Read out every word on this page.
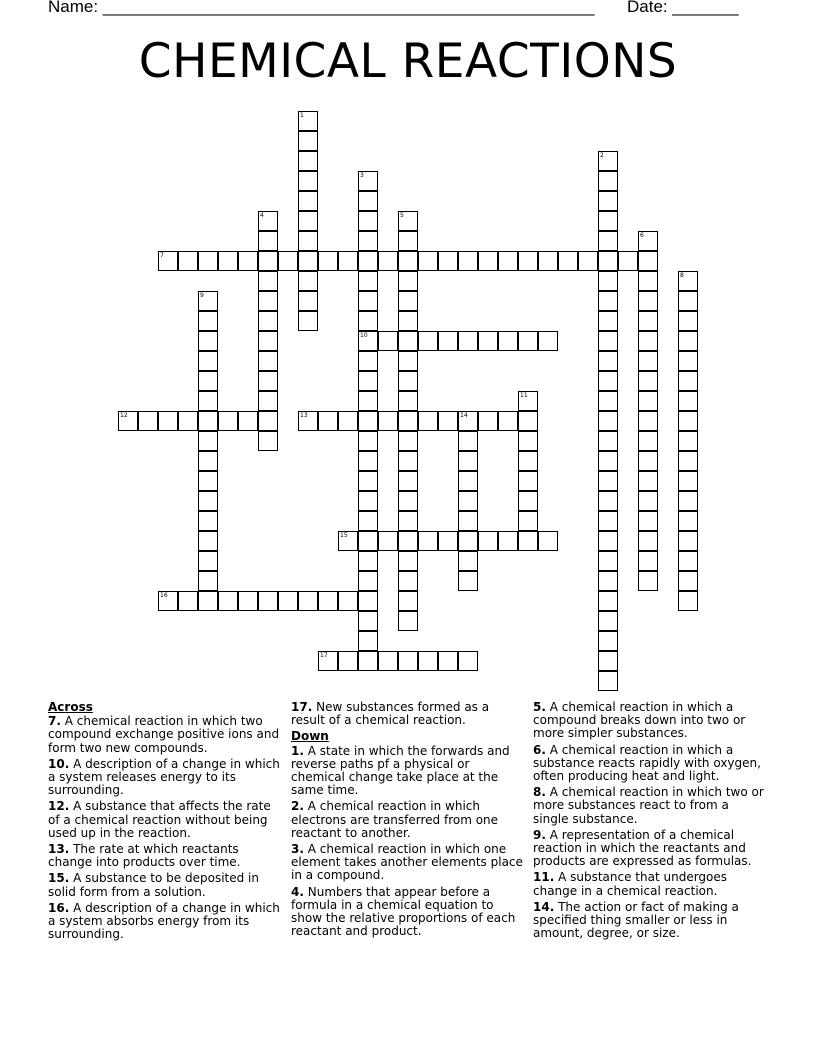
Name: ____________________________________________________ Date: _______
CHEMICAL REACTIONS
1
2
3
10
4	5
6
7
8
9
11
12	13	14
15
16
17
Across
7. A chemical reaction in which two compound exchange positive ions and form two new compounds.
10. A description of a change in which a system releases energy to its surrounding.
12. A substance that affects the rate of a chemical reaction without being used up in the reaction.
13. The rate at which reactants change into products over time.
15. A substance to be deposited in solid form from a solution.
16. A description of a change in which a system absorbs energy from its surrounding.
17. New substances formed as a result of a chemical reaction.
Down
1. A state in which the forwards and reverse paths pf a physical or chemical change take place at the same time.
2. A chemical reaction in which electrons are transferred from one reactant to another.
3. A chemical reaction in which one element takes another elements place in a compound.
4. Numbers that appear before a formula in a chemical equation to show the relative proportions of each reactant and product.
5. A chemical reaction in which a compound breaks down into two or more simpler substances.
6. A chemical reaction in which a substance reacts rapidly with oxygen, often producing heat and light.
8. A chemical reaction in which two or more substances react to from a single substance.
9. A representation of a chemical reaction in which the reactants and products are expressed as formulas.
11. A substance that undergoes change in a chemical reaction.
14. The action or fact of making a specified thing smaller or less in amount, degree, or size.
